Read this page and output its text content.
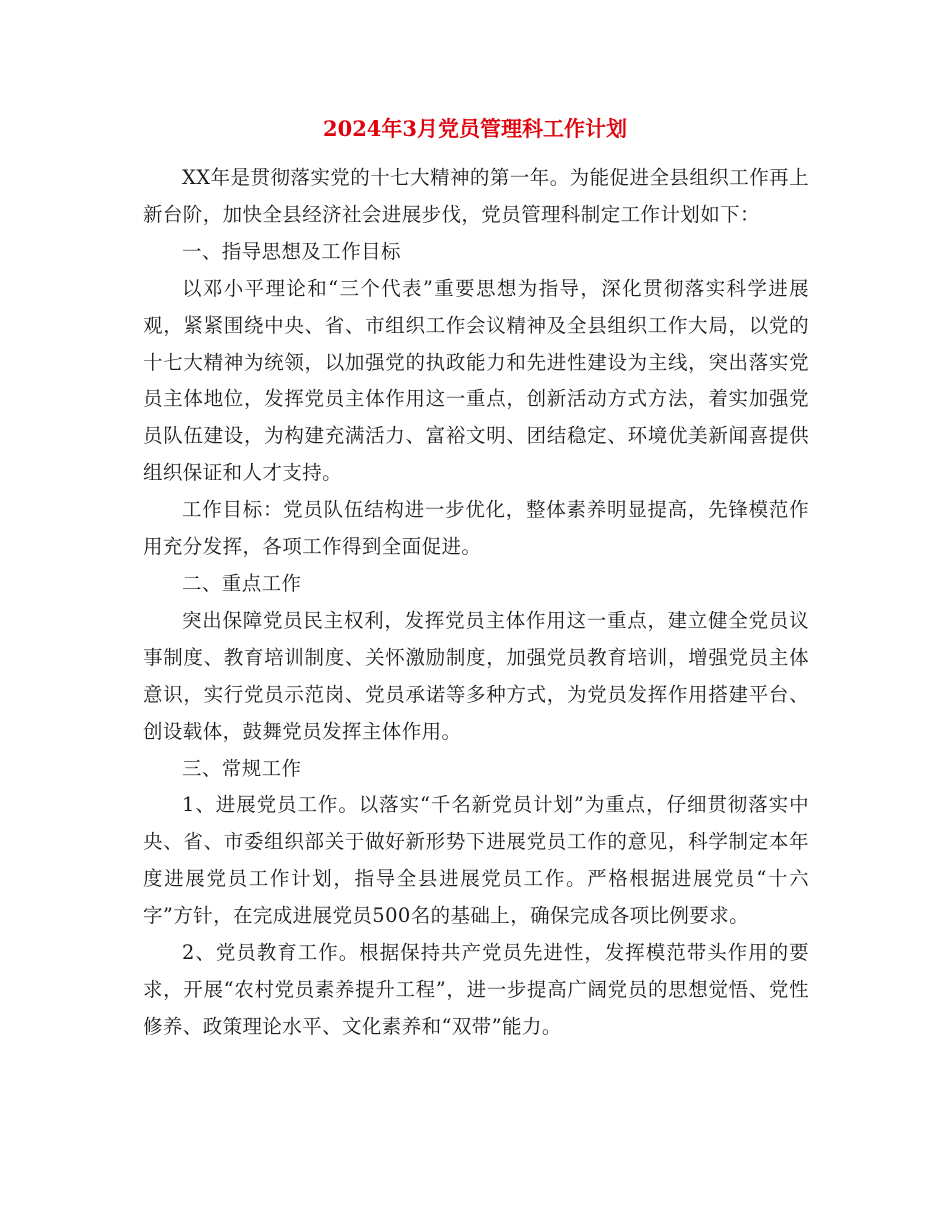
2024年3月党员管理科工作计划

XX年是贯彻落实党的十七大精神的第一年。为能促进全县组织工作再上新台阶，加快全县经济社会进展步伐，党员管理科制定工作计划如下：

一、指导思想及工作目标

以邓小平理论和“三个代表”重要思想为指导，深化贯彻落实科学进展观，紧紧围绕中央、省、市组织工作会议精神及全县组织工作大局，以党的十七大精神为统领，以加强党的执政能力和先进性建设为主线，突出落实党员主体地位，发挥党员主体作用这一重点，创新活动方式方法，着实加强党员队伍建设，为构建充满活力、富裕文明、团结稳定、环境优美新闻喜提供组织保证和人才支持。

工作目标：党员队伍结构进一步优化，整体素养明显提高，先锋模范作用充分发挥，各项工作得到全面促进。

二、重点工作

突出保障党员民主权利，发挥党员主体作用这一重点，建立健全党员议事制度、教育培训制度、关怀激励制度，加强党员教育培训，增强党员主体意识，实行党员示范岗、党员承诺等多种方式，为党员发挥作用搭建平台、创设载体，鼓舞党员发挥主体作用。

三、常规工作

1、进展党员工作。以落实“千名新党员计划”为重点，仔细贯彻落实中央、省、市委组织部关于做好新形势下进展党员工作的意见，科学制定本年度进展党员工作计划，指导全县进展党员工作。严格根据进展党员“十六字”方针，在完成进展党员500名的基础上，确保完成各项比例要求。

2、党员教育工作。根据保持共产党员先进性，发挥模范带头作用的要求，开展“农村党员素养提升工程”，进一步提高广阔党员的思想觉悟、党性修养、政策理论水平、文化素养和“双带”能力。
